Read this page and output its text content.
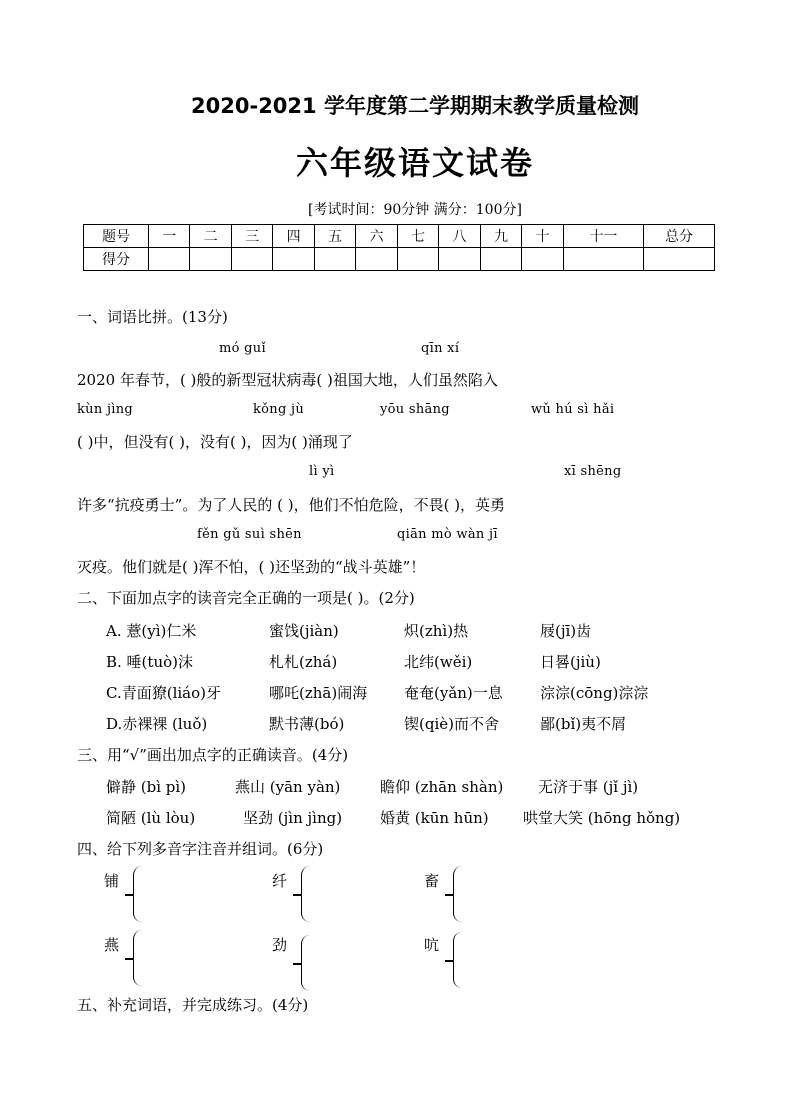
2020-2021 学年度第二学期期末教学质量检测
六年级语文试卷
[考试时间：90分钟 满分：100分]
题号	一	二	三	四	五	六	七	八	九	十	十一	总分
得分												
一、词语比拼。(13分)
mó guǐ	qīn xí
2020 年春节，( )般的新型冠状病毒( )祖国大地，人们虽然陷入
kùn jìng	kǒng jù	yōu shāng	wǔ hú sì hǎi
( )中，但没有( )，没有( )，因为( )涌现了
lì yì	xī shēng
许多“抗疫勇士”。为了人民的 ( )，他们不怕危险，不畏( )，英勇
fěn gǔ suì shēn	qiān mò wàn jī
灭疫。他们就是( )浑不怕，( )还坚劲的“战斗英雄”！
二、下面加点字的读音完全正确的一项是( )。(2分)
A. 薏(yì)仁米	蜜饯(jiàn)	炽(zhì)热	屐(jī)齿
B. 唾(tuò)沫	札札(zhá)	北纬(wěi)	日晷(jiù)
C.青面獠(liáo)牙	哪吒(zhā)闹海 奄奄(yǎn)一息 淙淙(cōng)淙淙
D.赤裸裸 (luǒ)	默书薄(bó)	锲(qiè)而不舍	鄙(bǐ)夷不屑
三、用“√”画出加点字的正确读音。(4分)
僻静 (bì pì)	燕山 (yān yàn)	瞻仰 (zhān shàn) 无济于事 (jǐ jì)
简陋 (lù lòu)	坚劲 (jìn jìng)	婚黄 (kūn hūn) 哄堂大笑 (hōng hǒng)
四、给下列多音字注音并组词。(6分)
铺	纤	畜
燕	劲	吭
五、补充词语，并完成练习。(4分)
